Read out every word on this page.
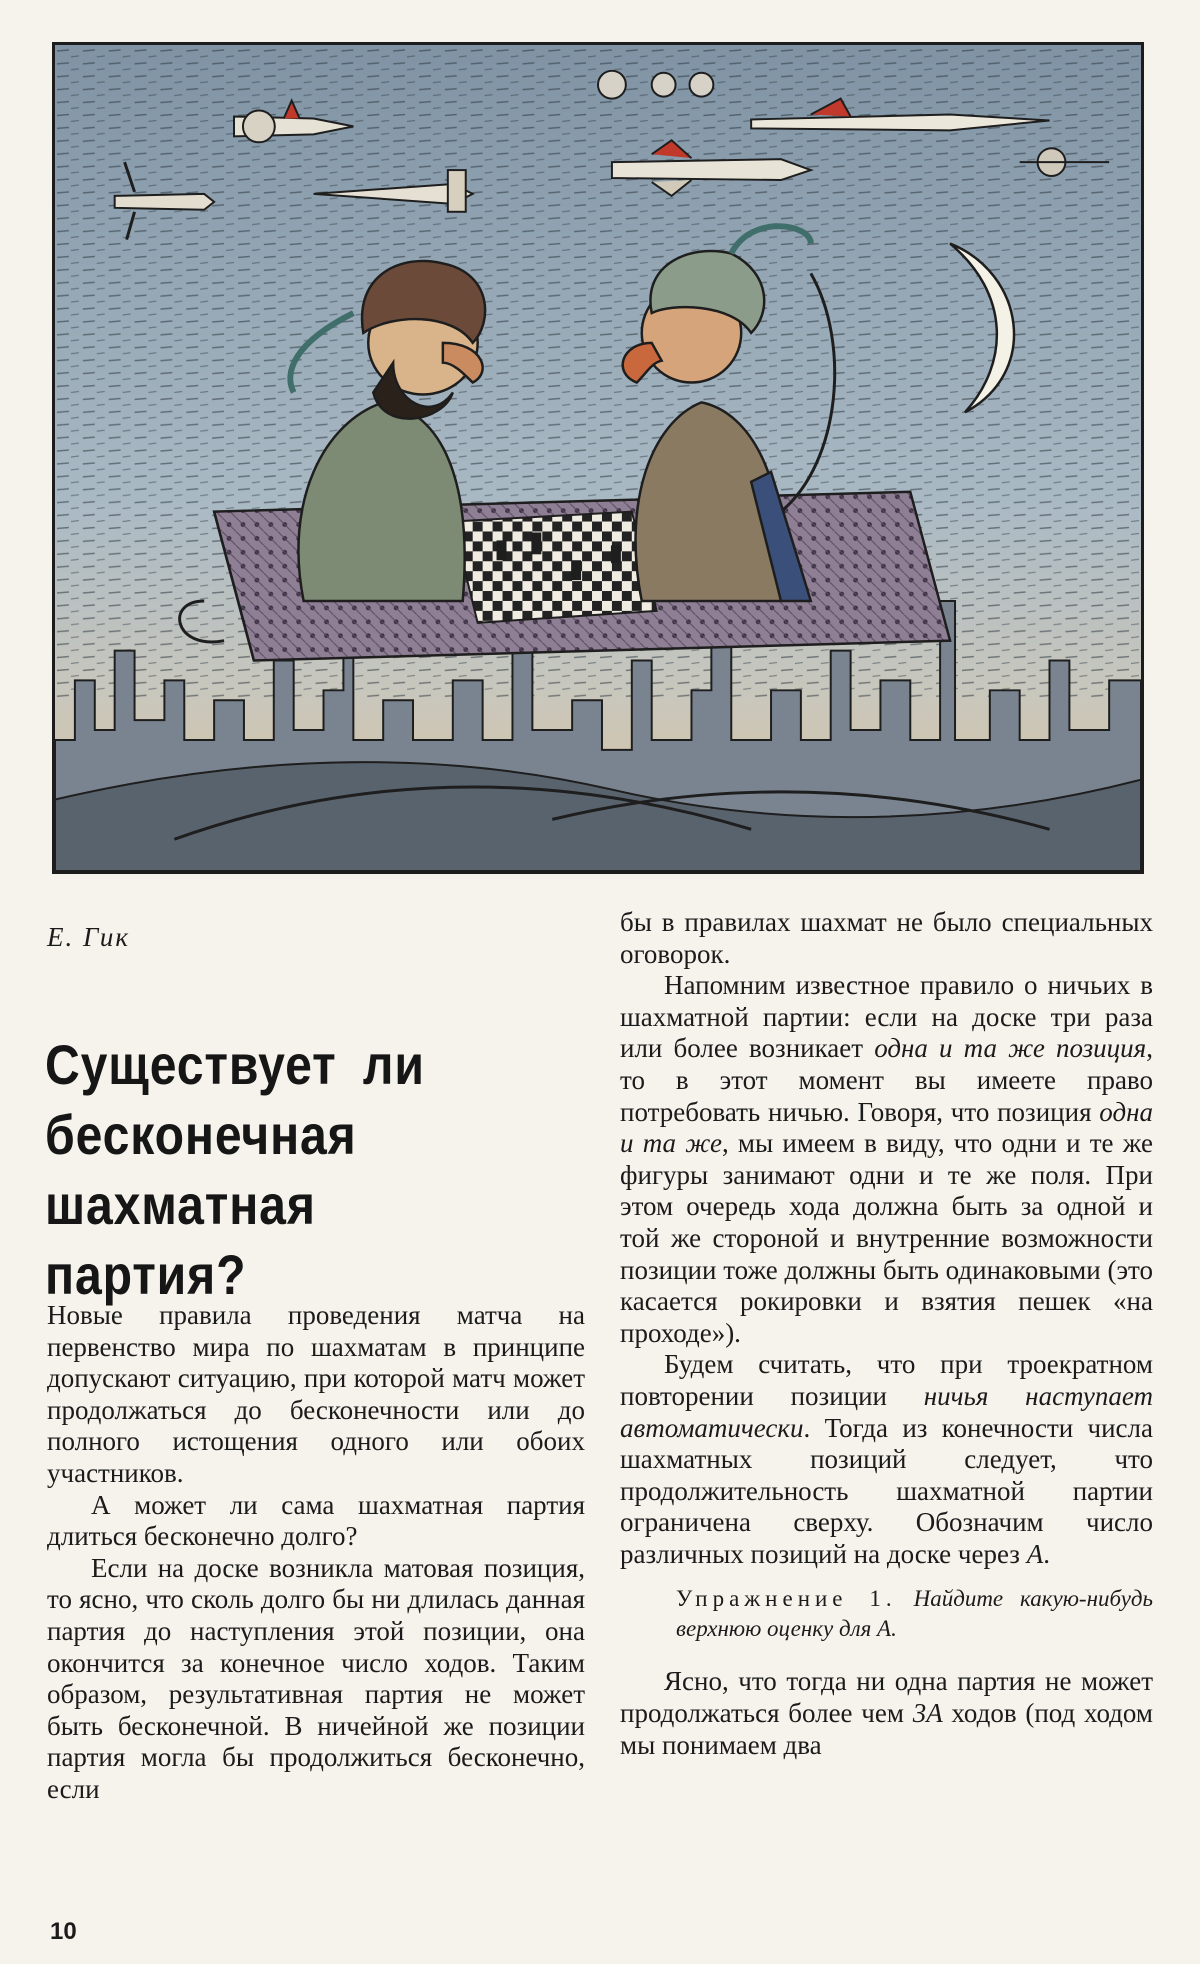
Е. Гик
Существует ли бесконечная шахматная партия?

Новые правила проведения матча на первенство мира по шахматам в принципе допускают ситуацию, при которой матч может продолжаться до бесконечности или до полного истощения одного или обоих участников.

А может ли сама шахматная партия длиться бесконечно долго?

Если на доске возникла матовая позиция, то ясно, что сколь долго бы ни длилась данная партия до наступления этой позиции, она окончится за конечное число ходов. Таким образом, результативная партия не может быть бесконечной. В ничейной же позиции партия могла бы продолжиться бесконечно, если

бы в правилах шахмат не было специальных оговорок.

Напомним известное правило о ничьих в шахматной партии: если на доске три раза или более возникает одна и та же позиция, то в этот момент вы имеете право потребовать ничью. Говоря, что позиция одна и та же, мы имеем в виду, что одни и те же фигуры занимают одни и те же поля. При этом очередь хода должна быть за одной и той же стороной и внутренние возможности позиции тоже должны быть одинаковыми (это касается рокировки и взятия пешек «на проходе»).

Будем считать, что при троекратном повторении позиции ничья наступает автоматически. Тогда из конечности числа шахматных позиций следует, что продолжительность шахматной партии ограничена сверху. Обозначим число различных позиций на доске через A.

Упражнение 1. Найдите какую-нибудь верхнюю оценку для A.

Ясно, что тогда ни одна партия не может продолжаться более чем 3A ходов (под ходом мы понимаем два

10
